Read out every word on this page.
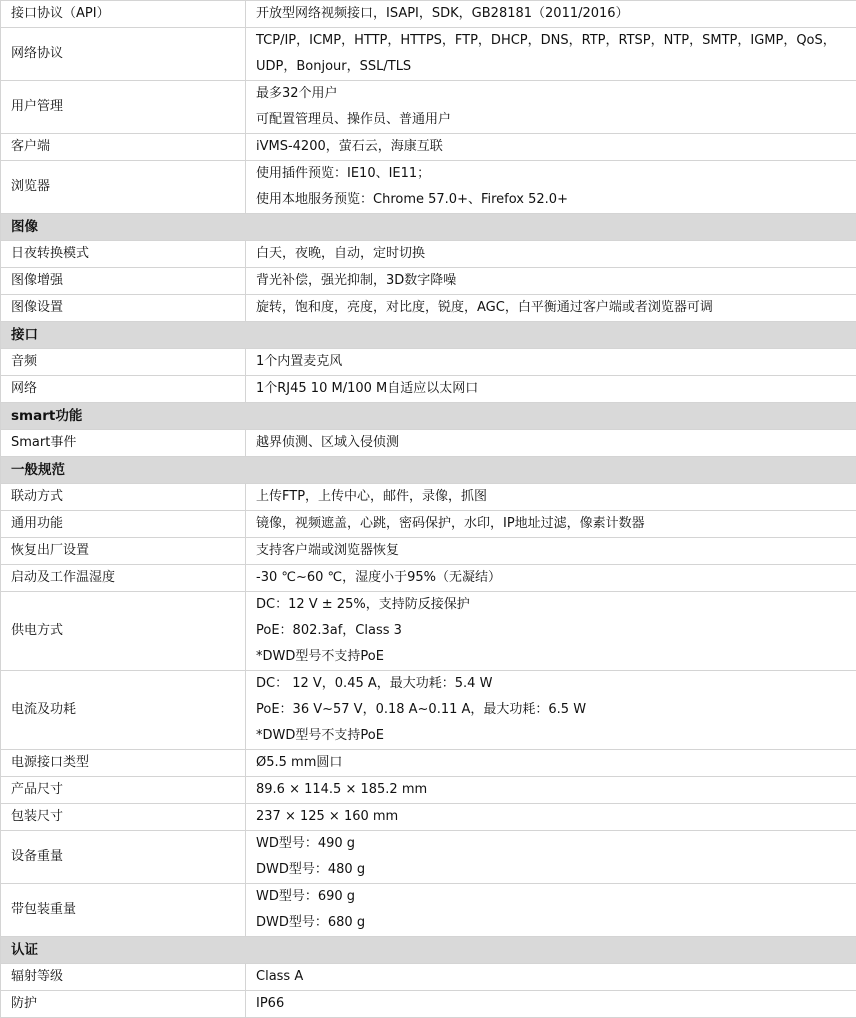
接口协议（API）	开放型网络视频接口，ISAPI，SDK，GB28181（2011/2016）

网络协议	TCP/IP，ICMP，HTTP，HTTPS，FTP，DHCP，DNS，RTP，RTSP，NTP，SMTP，IGMP，QoS，
UDP，Bonjour，SSL/TLS

用户管理	最多32个用户
可配置管理员、操作员、普通用户

客户端	iVMS-4200，萤石云，海康互联

浏览器	使用插件预览：IE10、IE11；
使用本地服务预览：Chrome 57.0+、Firefox 52.0+

图像	
日夜转换模式	白天，夜晚，自动，定时切换

图像增强	背光补偿，强光抑制，3D数字降噪

图像设置	旋转，饱和度，亮度，对比度，锐度，AGC，白平衡通过客户端或者浏览器可调

接口	
音频	1个内置麦克风

网络	1个RJ45 10 M/100 M自适应以太网口

smart功能	
Smart事件	越界侦测、区域入侵侦测

一般规范	
联动方式	上传FTP，上传中心，邮件，录像，抓图

通用功能	镜像，视频遮盖，心跳，密码保护，水印，IP地址过滤，像素计数器

恢复出厂设置	支持客户端或浏览器恢复

启动及工作温湿度	-30 ℃~60 ℃，湿度小于95%（无凝结）

供电方式	DC：12 V ± 25%，支持防反接保护
PoE：802.3af，Class 3
*DWD型号不支持PoE

电流及功耗	DC： 12 V，0.45 A，最大功耗：5.4 W
PoE：36 V~57 V，0.18 A~0.11 A，最大功耗：6.5 W
*DWD型号不支持PoE

电源接口类型	Ø5.5 mm圆口

产品尺寸	89.6 × 114.5 × 185.2 mm

包装尺寸	237 × 125 × 160 mm

设备重量	WD型号：490 g
DWD型号：480 g

带包装重量	WD型号：690 g
DWD型号：680 g

认证	
辐射等级	Class A

防护	IP66
